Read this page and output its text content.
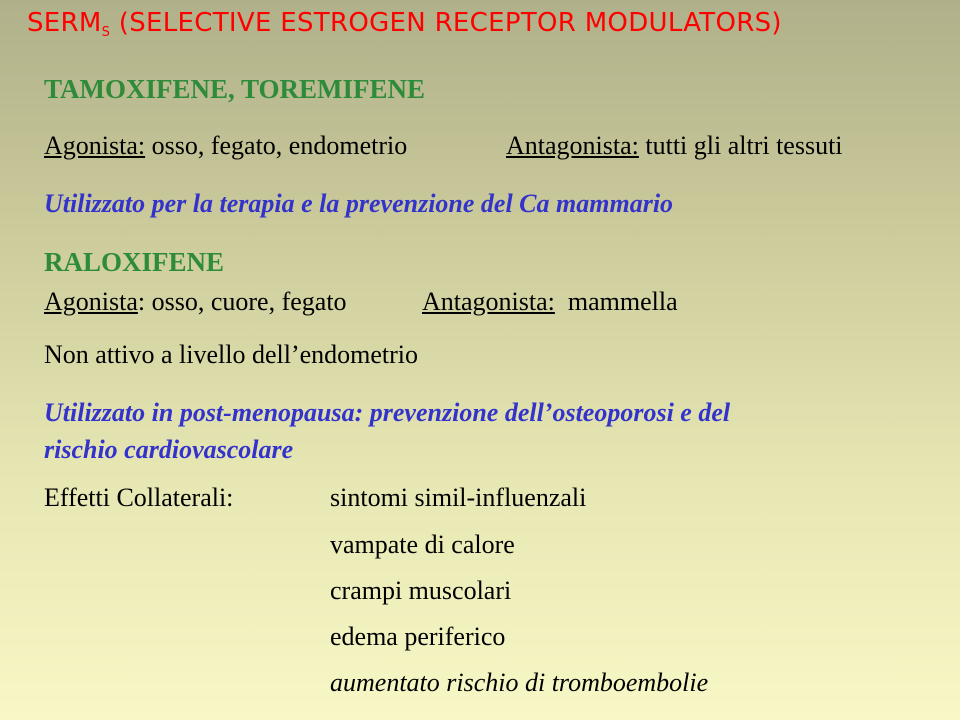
$SERM_S$ (SELECTIVE ESTROGEN RECEPTOR MODULATORS)
TAMOXIFENE, TOREMIFENE
Agonista: osso, fegato, endometrio	Antagonista: tutti gli altri tessuti
Utilizzato per la terapia e la prevenzione del Ca mammario
RALOXIFENE
Agonista: osso, cuore, fegato	Antagonista:  mammella
Non attivo a livello dell’endometrio
Utilizzato in post-menopausa: prevenzione dell’osteoporosi e del
rischio cardiovascolare
Effetti Collaterali:	sintomi simil-influenzali
vampate di calore
crampi muscolari
edema periferico
aumentato rischio di tromboembolie
